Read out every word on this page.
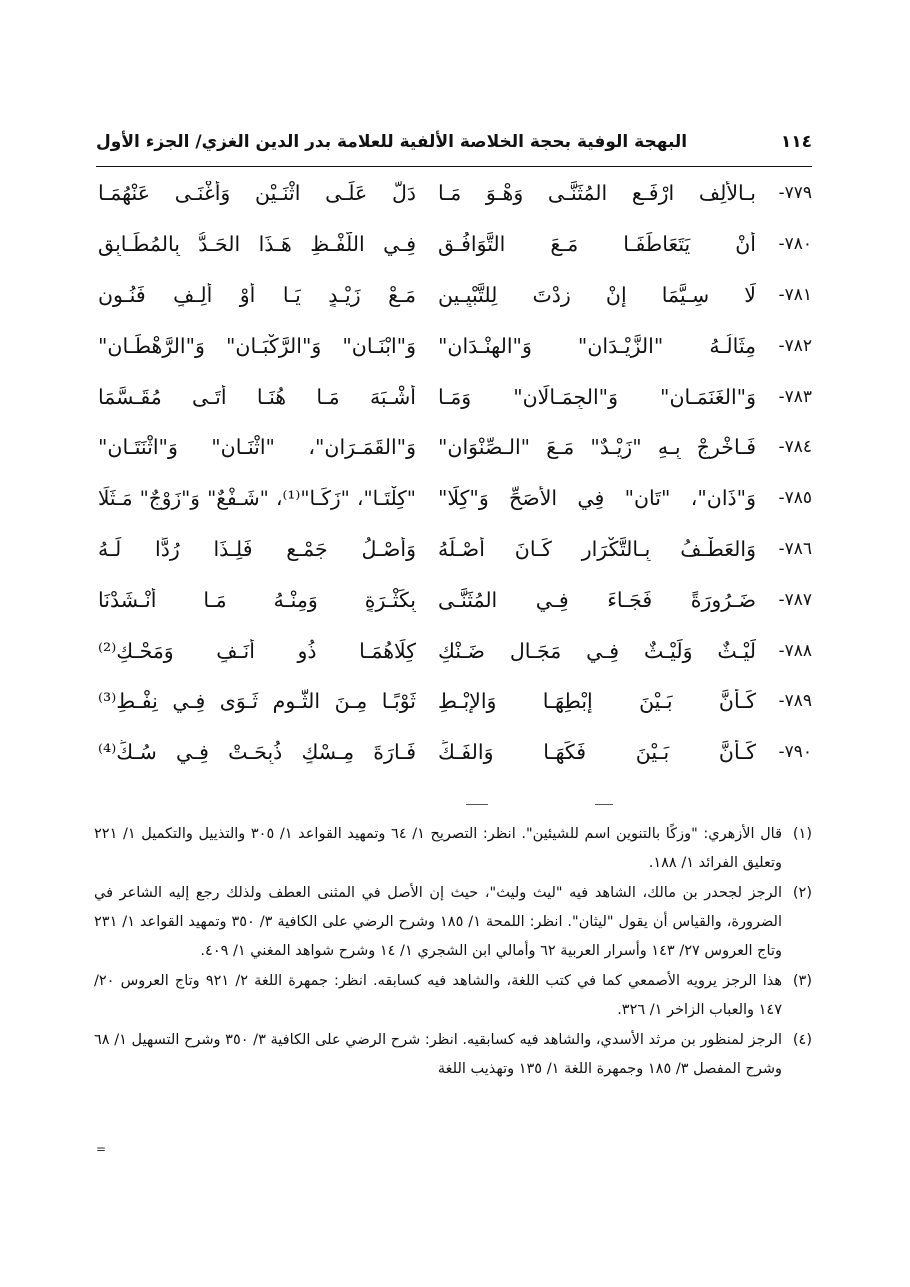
١١٤
البهجة الوفية بحجة الخلاصة الألفية للعلامة بدر الدين الغزي/ الجزء الأول
٧٧٩-
بـالألِف ارْفَـعِ المُثَنَّـى وَهْـوَ مَـا
دَلَّ عَلَـى اثْنَـيْنِ وَأَغْنَـى عَنْهُمَـا
٧٨٠-
أَنْ يَتَعَاطَفَـا مَـعَ التَّوَافُـقِ
فِـي اللَّفْـظِ هَـذَا الحَـدُّ بِالمُطَـابِقِ
٧٨١-
لَا سِـيَّمَا إِنْ زِدْتَ لِلتَّبْيِـينِ
مَـعْ زَيْـدٍ يَـا أَوْ أَلِـفٍ فَنُـونِ
٧٨٢-
مِثَالُـهُ "الزَّيْـدَانِ" وَ"الهِنْـدَانِ"
وَ"ابْنَـانِ" وَ"الرَّكْبَـانِ" وَ"الرَّهْطَـانِ"
٧٨٣-
وَ"الغَنَمَـانِ" وَ"الجِمَـالَانِ" وَمَـا
أَشْـبَهَ مَـا هُنَـا أَتَـى مُقَـسَّمَا
٧٨٤-
فَـاخْرِجْ بِـهِ "زَيْـدٌ" مَـعَ "الـصِّنْوَانِ"
وَ"القَمَـرَانِ"، "اثْنَـانِ" وَ"اثْنَتَـانِ"
٧٨٥-
وَ"ذَانِ"، "تَانِ" فِي الأَصَحِّ وَ"كِلَا"
"كِلْتَـا"، "زَكَـا"⁽¹⁾، "شَـفْعٌ" وَ"زَوْجٌ" مَـثَلَا
٧٨٦-
وَالعَطْـفُ بِـالتَّكْرَارِ كَـانَ أَصْـلَهُ
وَأَصْـلُ جَمْـعٍ فَلِـذَا رُدًّا لَـهُ
٧٨٧-
ضَـرُورَةً فَجَـاءَ فِـي المُثَنَّـى
بِكَثْـرَةٍ وَمِنْـهُ مَـا أَنْـشَدْنَا
٧٨٨-
لَيْـثٌ وَلَيْـثٌ فِـي مَجَـالٍ ضَـنْكِ
كِلَاهُمَـا ذُو أَنَـفٍ وَمَحْـكِ⁽²⁾
٧٨٩-
كَـأَنَّ بَـيْنَ إِبْطِهَـا وَالإِبْـطِ
ثَوْبًـا مِـنَ الثُّـومِ ثَـوَى فِـي نِفْـطِ⁽³⁾
٧٩٠-
كَـأَنَّ بَـيْنَ فَكِّهَـا وَالفَـكِّ
فَـارَةَ مِـسْكٍ ذُبِحَـتْ فِـي سُـكِّ⁽⁴⁾
(١)
قال الأزهري: "وزكًا بالتنوين اسم للشيئين". انظر: التصريح ١/ ٦٤ وتمهيد القواعد ١/ ٣٠٥ والتذييل والتكميل ١/ ٢٢١ وتعليق الفرائد ١/ ١٨٨.
(٢)
الرجز لجحدر بن مالك، الشاهد فيه "ليث وليث"، حيث إن الأصل في المثنى العطف ولذلك رجع إليه الشاعر في الضرورة، والقياس أن يقول "ليثان". انظر: اللمحة ١/ ١٨٥ وشرح الرضي على الكافية ٣/ ٣٥٠ وتمهيد القواعد ١/ ٢٣١ وتاج العروس ٢٧/ ١٤٣ وأسرار العربية ٦٢ وأمالي ابن الشجري ١/ ١٤ وشرح شواهد المغني ١/ ٤٠٩.
(٣)
هذا الرجز يرويه الأصمعي كما في كتب اللغة، والشاهد فيه كسابقه. انظر: جمهرة اللغة ٢/ ٩٢١ وتاج العروس ٢٠/ ١٤٧ والعباب الزاخر ١/ ٣٢٦.
(٤)
الرجز لمنظور بن مرثد الأسدي، والشاهد فيه كسابقيه. انظر: شرح الرضي على الكافية ٣/ ٣٥٠ وشرح التسهيل ١/ ٦٨ وشرح المفصل ٣/ ١٨٥ وجمهرة اللغة ١/ ١٣٥ وتهذيب اللغة
=
